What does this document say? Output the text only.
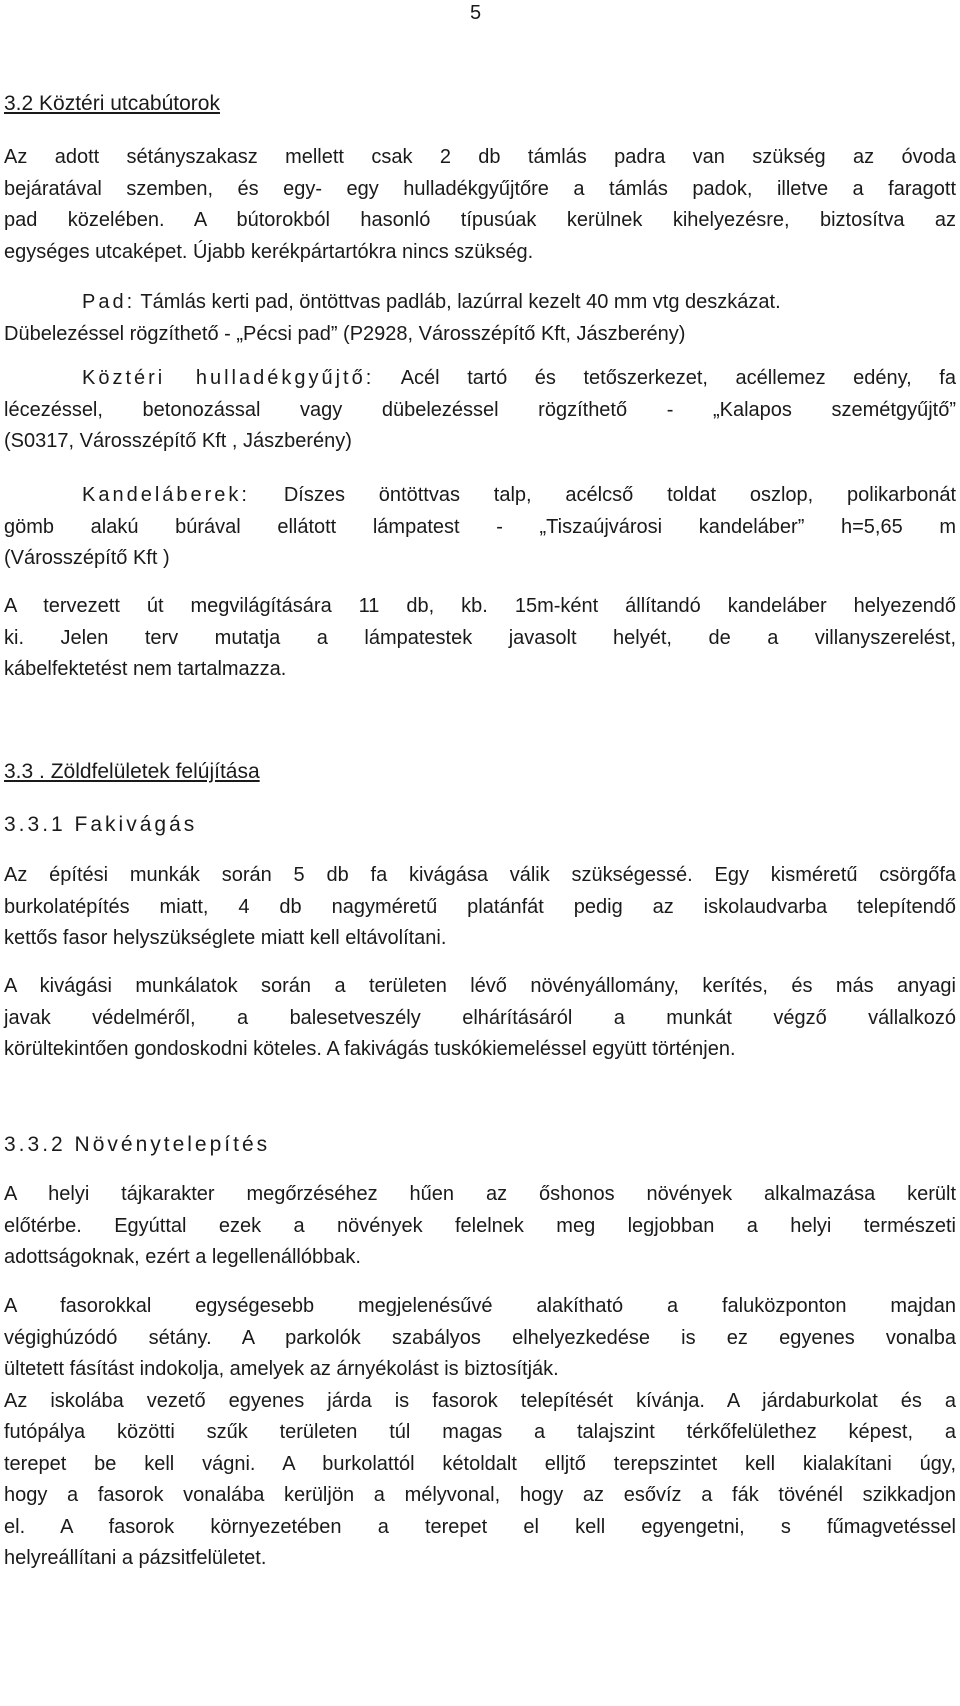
5
3.2 Köztéri utcabútorok
Az adott sétányszakasz mellett csak 2 db támlás padra van szükség az óvoda
bejáratával szemben, és egy- egy hulladékgyűjtőre a támlás padok, illetve a faragott
pad közelében. A bútorokból hasonló típusúak kerülnek kihelyezésre, biztosítva az
egységes utcaképet. Újabb kerékpártartókra nincs szükség.
Pad: Támlás kerti pad, öntöttvas padláb, lazúrral kezelt 40 mm vtg deszkázat.
Dübelezéssel rögzíthető - „Pécsi pad” (P2928, Városszépítő Kft, Jászberény)
Köztéri hulladékgyűjtő: Acél tartó és tetőszerkezet, acéllemez edény, fa
lécezéssel, betonozással vagy dübelezéssel rögzíthető - „Kalapos szemétgyűjtő”
(S0317, Városszépítő Kft , Jászberény)
Kandeláberek: Díszes öntöttvas talp, acélcső toldat oszlop, polikarbonát
gömb alakú búrával ellátott lámpatest - „Tiszaújvárosi kandeláber” h=5,65 m
(Városszépítő Kft )
A tervezett út megvilágítására 11 db, kb. 15m-ként állítandó kandeláber helyezendő
ki. Jelen terv mutatja a lámpatestek javasolt helyét, de a villanyszerelést,
kábelfektetést nem tartalmazza.
3.3 . Zöldfelületek felújítása
3.3.1 Fakivágás
Az építési munkák során 5 db fa kivágása válik szükségessé. Egy kisméretű csörgőfa
burkolatépítés miatt, 4 db nagyméretű platánfát pedig az iskolaudvarba telepítendő
kettős fasor helyszükséglete miatt kell eltávolítani.
A kivágási munkálatok során a területen lévő növényállomány, kerítés, és más anyagi
javak védelméről, a balesetveszély elhárításáról a munkát végző vállalkozó
körültekintően gondoskodni köteles. A fakivágás tuskókiemeléssel együtt történjen.
3.3.2 Növénytelepítés
A helyi tájkarakter megőrzéséhez hűen az őshonos növények alkalmazása került
előtérbe. Egyúttal ezek a növények felelnek meg legjobban a helyi természeti
adottságoknak, ezért a legellenállóbbak.
A fasorokkal egységesebb megjelenésűvé alakítható a faluközponton majdan
végighúzódó sétány. A parkolók szabályos elhelyezkedése is ez egyenes vonalba
ültetett fásítást indokolja, amelyek az árnyékolást is biztosítják.
Az iskolába vezető egyenes járda is fasorok telepítését kívánja. A járdaburkolat és a
futópálya közötti szűk területen túl magas a talajszint térkőfelülethez képest, a
terepet be kell vágni. A burkolattól kétoldalt elljtő terepszintet kell kialakítani úgy,
hogy a fasorok vonalába kerüljön a mélyvonal, hogy az esővíz a fák tövénél szikkadjon
el. A fasorok környezetében a terepet el kell egyengetni, s fűmagvetéssel
helyreállítani a pázsitfelületet.
